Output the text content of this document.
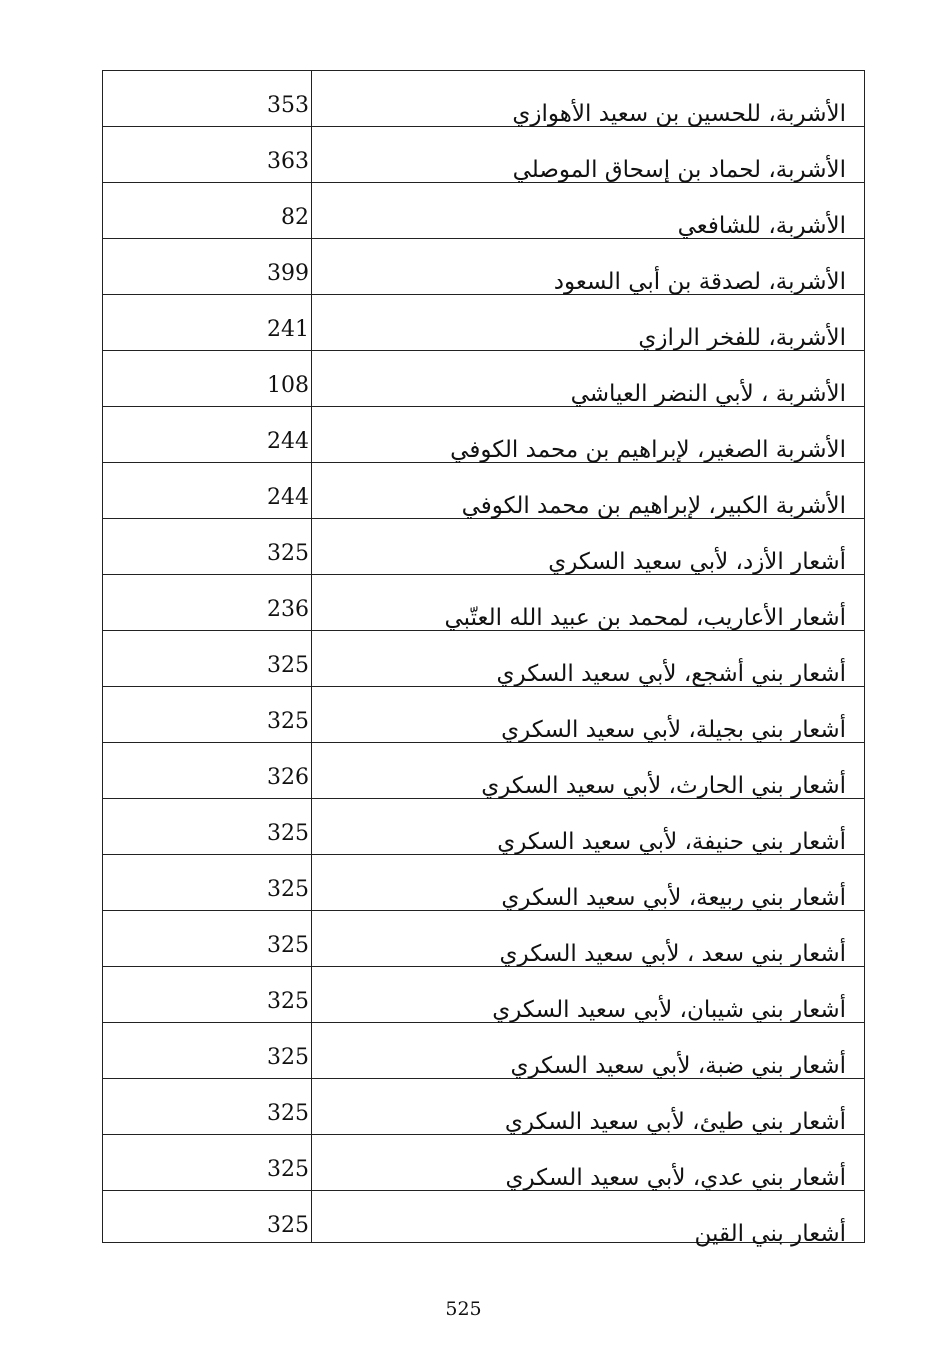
353	الأشربة، للحسين بن سعيد الأهوازي
363	الأشربة، لحماد بن إسحاق الموصلي
82	الأشربة، للشافعي
399	الأشربة، لصدقة بن أبي السعود
241	الأشربة، للفخر الرازي
108	الأشربة ، لأبي النضر العياشي
244	الأشربة الصغير، لإبراهيم بن محمد الكوفي
244	الأشربة الكبير، لإبراهيم بن محمد الكوفي
325	أشعار الأزد، لأبي سعيد السكري
236	أشعار الأعاريب، لمحمد بن عبيد الله العتّبي
325	أشعار بني أشجع، لأبي سعيد السكري
325	أشعار بني بجيلة، لأبي سعيد السكري
326	أشعار بني الحارث، لأبي سعيد السكري
325	أشعار بني حنيفة، لأبي سعيد السكري
325	أشعار بني ربيعة، لأبي سعيد السكري
325	أشعار بني سعد ، لأبي سعيد السكري
325	أشعار بني شيبان، لأبي سعيد السكري
325	أشعار بني ضبة، لأبي سعيد السكري
325	أشعار بني طيئ، لأبي سعيد السكري
325	أشعار بني عدي، لأبي سعيد السكري
325	أشعار بني القين
525
